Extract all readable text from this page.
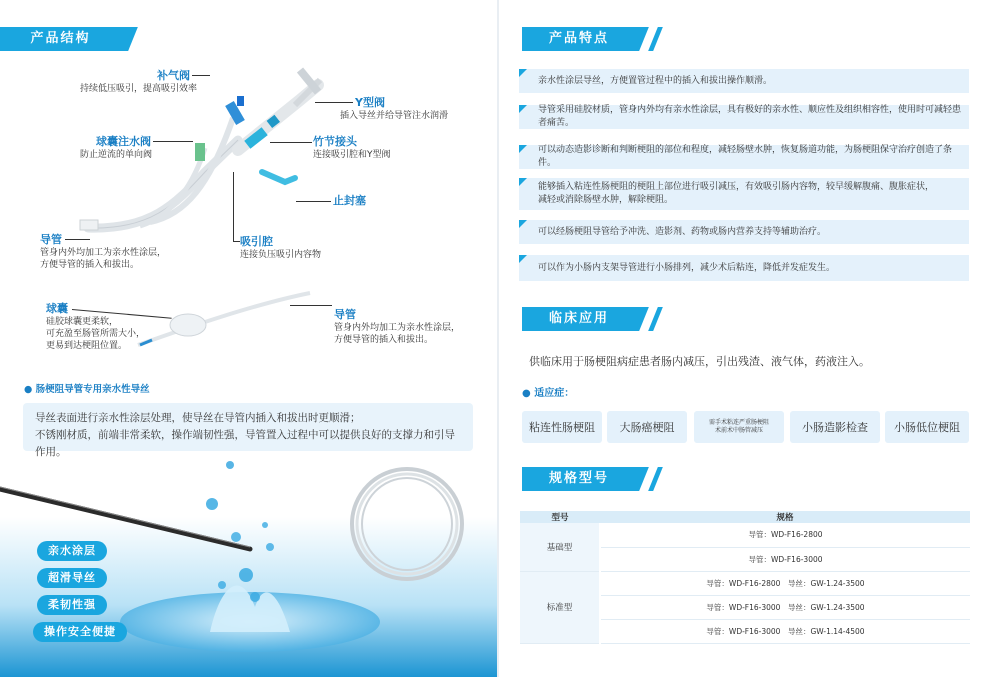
产品结构
补气阀
持续低压吸引，提高吸引效率
球囊注水阀
防止逆流的单向阀
导管
管身内外均加工为亲水性涂层，
方便导管的插入和拔出。
Y型阀
插入导丝并给导管注水润滑
竹节接头
连接吸引腔和Y型阀
止封塞
吸引腔
连接负压吸引内容物
球囊
硅胶球囊更柔软，
可充盈至肠管所需大小，
更易到达梗阻位置。
导管
管身内外均加工为亲水性涂层，
方便导管的插入和拔出。
● 肠梗阻导管专用亲水性导丝
导丝表面进行亲水性涂层处理，使导丝在导管内插入和拔出时更顺滑；
不锈刚材质，前端非常柔软，操作端韧性强，导管置入过程中可以提供良好的支撑力和引导作用。
亲水涂层
超滑导丝
柔韧性强
操作安全便捷
产品特点
亲水性涂层导丝，方便置管过程中的插入和拔出操作顺滑。
导管采用硅胶材质，管身内外均有亲水性涂层，具有极好的亲水性、顺应性及组织相容性，使用时可减轻患者痛苦。
可以动态造影诊断和判断梗阻的部位和程度，减轻肠壁水肿，恢复肠道功能，为肠梗阻保守治疗创造了条件。
能够插入粘连性肠梗阻的梗阻上部位进行吸引减压，有效吸引肠内容物，较早缓解腹痛、腹胀症状，
减轻或消除肠壁水肿，解除梗阻。
可以经肠梗阻导管给予冲洗、造影剂、药物或肠内营养支持等辅助治疗。
可以作为小肠内支架导管进行小肠排列，减少术后粘连，降低并发症发生。
临床应用
供临床用于肠梗阻病症患者肠内减压，引出残渣、液气体，药液注入。
● 适应症：
粘连性肠梗阻	大肠癌梗阻	需手术粘连严重肠梗阻
术前术中肠管减压	小肠造影检查	小肠低位梗阻
规格型号
型号	规格
基础型	导管：WD-F16-2800
	导管：WD-F16-3000
标准型	导管：WD-F16-2800　导丝：GW-1.24-3500
	导管：WD-F16-3000　导丝：GW-1.24-3500
	导管：WD-F16-3000　导丝：GW-1.14-4500
